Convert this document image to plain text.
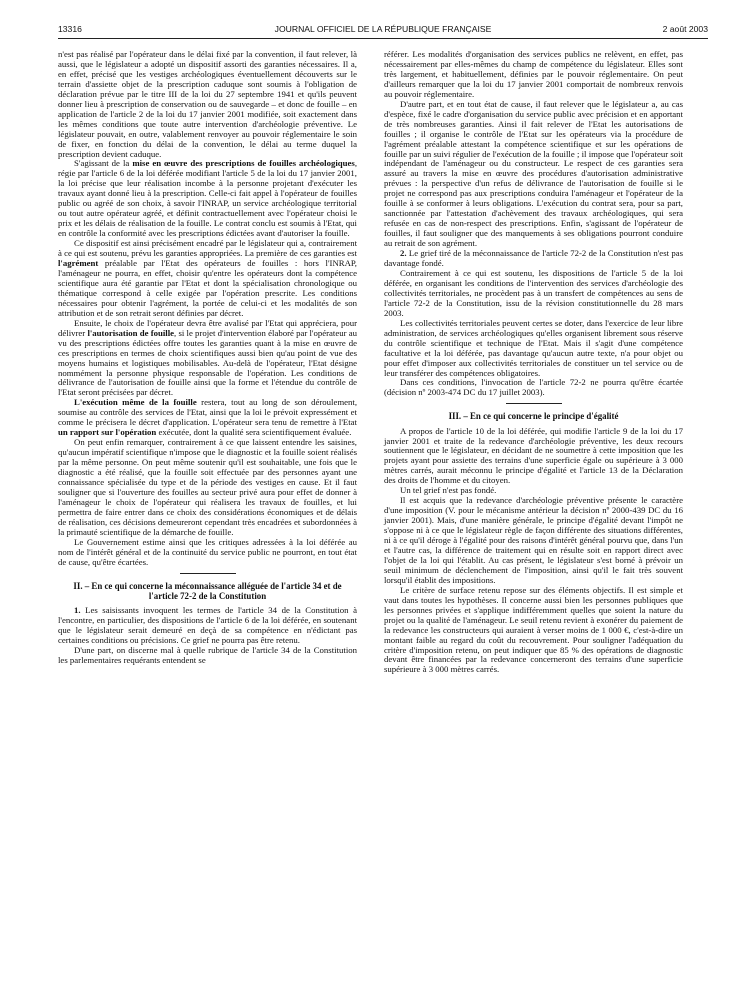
13316	JOURNAL OFFICIEL DE LA RÉPUBLIQUE FRANÇAISE	2 août 2003

n'est pas réalisé par l'opérateur dans le délai fixé par la convention, il faut relever, là aussi, que le législateur a adopté un dispositif assorti des garanties nécessaires. Il a, en effet, précisé que les vestiges archéologiques éventuellement découverts sur le terrain d'assiette objet de la prescription caduque sont soumis à l'obligation de déclaration prévue par le titre III de la loi du 27 septembre 1941 et qu'ils peuvent donner lieu à prescription de conservation ou de sauvegarde – et donc de fouille – en application de l'article 2 de la loi du 17 janvier 2001 modifiée, soit exactement dans les mêmes conditions que toute autre intervention d'archéologie préventive. Le législateur pouvait, en outre, valablement renvoyer au pouvoir réglementaire le soin de fixer, en fonction du délai de la convention, le délai au terme duquel la prescription devient caduque.

S'agissant de la mise en œuvre des prescriptions de fouilles archéologiques, régie par l'article 6 de la loi déférée modifiant l'article 5 de la loi du 17 janvier 2001, la loi précise que leur réalisation incombe à la personne projetant d'exécuter les travaux ayant donné lieu à la prescription. Celle-ci fait appel à l'opérateur de fouilles public ou agréé de son choix, à savoir l'INRAP, un service archéologique territorial ou tout autre opérateur agréé, et définit contractuellement avec l'opérateur choisi le prix et les délais de réalisation de la fouille. Le contrat conclu est soumis à l'Etat, qui en contrôle la conformité avec les prescriptions édictées avant d'autoriser la fouille.

Ce dispositif est ainsi précisément encadré par le législateur qui a, contrairement à ce qui est soutenu, prévu les garanties appropriées. La première de ces garanties est l'agrément préalable par l'Etat des opérateurs de fouilles : hors l'INRAP, l'aménageur ne pourra, en effet, choisir qu'entre les opérateurs dont la compétence scientifique aura été garantie par l'Etat et dont la spécialisation chronologique ou thématique correspond à celle exigée par l'opération prescrite. Les conditions nécessaires pour obtenir l'agrément, la portée de celui-ci et les modalités de son attribution et de son retrait seront définies par décret.

Ensuite, le choix de l'opérateur devra être avalisé par l'Etat qui appréciera, pour délivrer l'autorisation de fouille, si le projet d'intervention élaboré par l'opérateur au vu des prescriptions édictées offre toutes les garanties quant à la mise en œuvre de ces prescriptions en termes de choix scientifiques aussi bien qu'au point de vue des moyens humains et logistiques mobilisables. Au-delà de l'opérateur, l'Etat désigne nommément la personne physique responsable de l'opération. Les conditions de délivrance de l'autorisation de fouille ainsi que la forme et l'étendue du contrôle de l'Etat seront précisées par décret.

L'exécution même de la fouille restera, tout au long de son déroulement, soumise au contrôle des services de l'Etat, ainsi que la loi le prévoit expressément et comme le précisera le décret d'application. L'opérateur sera tenu de remettre à l'Etat un rapport sur l'opération exécutée, dont la qualité sera scientifiquement évaluée.

On peut enfin remarquer, contrairement à ce que laissent entendre les saisines, qu'aucun impératif scientifique n'impose que le diagnostic et la fouille soient réalisés par la même personne. On peut même soutenir qu'il est souhaitable, une fois que le diagnostic a été réalisé, que la fouille soit effectuée par des personnes ayant une connaissance spécialisée du type et de la période des vestiges en cause. Et il faut souligner que si l'ouverture des fouilles au secteur privé aura pour effet de donner à l'aménageur le choix de l'opérateur qui réalisera les travaux de fouilles, et lui permettra de faire entrer dans ce choix des considérations économiques et de délais de réalisation, ces décisions demeureront cependant très encadrées et subordonnées à la primauté scientifique de la démarche de fouille.

Le Gouvernement estime ainsi que les critiques adressées à la loi déférée au nom de l'intérêt général et de la continuité du service public ne pourront, en tout état de cause, qu'être écartées.

II. – En ce qui concerne la méconnaissance alléguée de l'article 34 et de l'article 72-2 de la Constitution

1. Les saisissants invoquent les termes de l'article 34 de la Constitution à l'encontre, en particulier, des dispositions de l'article 6 de la loi déférée, en soutenant que le législateur serait demeuré en deçà de sa compétence en n'édictant pas certaines conditions ou précisions. Ce grief ne pourra pas être retenu.

D'une part, on discerne mal à quelle rubrique de l'article 34 de la Constitution les parlementaires requérants entendent se

référer. Les modalités d'organisation des services publics ne relèvent, en effet, pas nécessairement par elles-mêmes du champ de compétence du législateur. Elles sont très largement, et habituellement, définies par le pouvoir réglementaire. On peut d'ailleurs remarquer que la loi du 17 janvier 2001 comportait de nombreux renvois au pouvoir réglementaire.

D'autre part, et en tout état de cause, il faut relever que le législateur a, au cas d'espèce, fixé le cadre d'organisation du service public avec précision et en apportant de très nombreuses garanties. Ainsi il fait relever de l'Etat les autorisations de fouilles ; il organise le contrôle de l'Etat sur les opérateurs via la procédure de l'agrément préalable attestant la compétence scientifique et sur les opérations de fouille par un suivi régulier de l'exécution de la fouille ; il impose que l'opérateur soit indépendant de l'aménageur ou du constructeur. Le respect de ces garanties sera assuré au travers la mise en œuvre des procédures d'autorisation administrative prévues : la perspective d'un refus de délivrance de l'autorisation de fouille si le projet ne correspond pas aux prescriptions conduira l'aménageur et l'opérateur de la fouille à se conformer à leurs obligations. L'exécution du contrat sera, pour sa part, sanctionnée par l'attestation d'achèvement des travaux archéologiques, qui sera refusée en cas de non-respect des prescriptions. Enfin, s'agissant de l'opérateur de fouilles, il faut souligner que des manquements à ses obligations pourront conduire au retrait de son agrément.

2. Le grief tiré de la méconnaissance de l'article 72-2 de la Constitution n'est pas davantage fondé.

Contrairement à ce qui est soutenu, les dispositions de l'article 5 de la loi déférée, en organisant les conditions de l'intervention des services d'archéologie des collectivités territoriales, ne procèdent pas à un transfert de compétences au sens de l'article 72-2 de la Constitution, issu de la révision constitutionnelle du 28 mars 2003.

Les collectivités territoriales peuvent certes se doter, dans l'exercice de leur libre administration, de services archéologiques qu'elles organisent librement sous réserve du contrôle scientifique et technique de l'Etat. Mais il s'agit d'une compétence facultative et la loi déférée, pas davantage qu'aucun autre texte, n'a pour objet ou pour effet d'imposer aux collectivités territoriales de constituer un tel service ou de leur transférer des compétences obligatoires.

Dans ces conditions, l'invocation de l'article 72-2 ne pourra qu'être écartée (décision nº 2003-474 DC du 17 juillet 2003).

III. – En ce qui concerne le principe d'égalité

A propos de l'article 10 de la loi déférée, qui modifie l'article 9 de la loi du 17 janvier 2001 et traite de la redevance d'archéologie préventive, les deux recours soutiennent que le législateur, en décidant de ne soumettre à cette imposition que les projets ayant pour assiette des terrains d'une superficie égale ou supérieure à 3 000 mètres carrés, aurait méconnu le principe d'égalité et l'article 13 de la Déclaration des droits de l'homme et du citoyen.

Un tel grief n'est pas fondé.

Il est acquis que la redevance d'archéologie préventive présente le caractère d'une imposition (V. pour le mécanisme antérieur la décision nº 2000-439 DC du 16 janvier 2001). Mais, d'une manière générale, le principe d'égalité devant l'impôt ne s'oppose ni à ce que le législateur règle de façon différente des situations différentes, ni à ce qu'il déroge à l'égalité pour des raisons d'intérêt général pourvu que, dans l'un et l'autre cas, la différence de traitement qui en résulte soit en rapport direct avec l'objet de la loi qui l'établit. Au cas présent, le législateur s'est borné à prévoir un seuil minimum de déclenchement de l'imposition, ainsi qu'il le fait très souvent lorsqu'il établit des impositions.

Le critère de surface retenu repose sur des éléments objectifs. Il est simple et vaut dans toutes les hypothèses. Il concerne aussi bien les personnes publiques que les personnes privées et s'applique indifféremment quelles que soient la nature du projet ou la qualité de l'aménageur. Le seuil retenu revient à exonérer du paiement de la redevance les constructeurs qui auraient à verser moins de 1 000 €, c'est-à-dire un montant faible au regard du coût du recouvrement. Pour souligner l'adéquation du critère d'imposition retenu, on peut indiquer que 85 % des opérations de diagnostic devant être financées par la redevance concerneront des terrains d'une superficie supérieure à 3 000 mètres carrés.
